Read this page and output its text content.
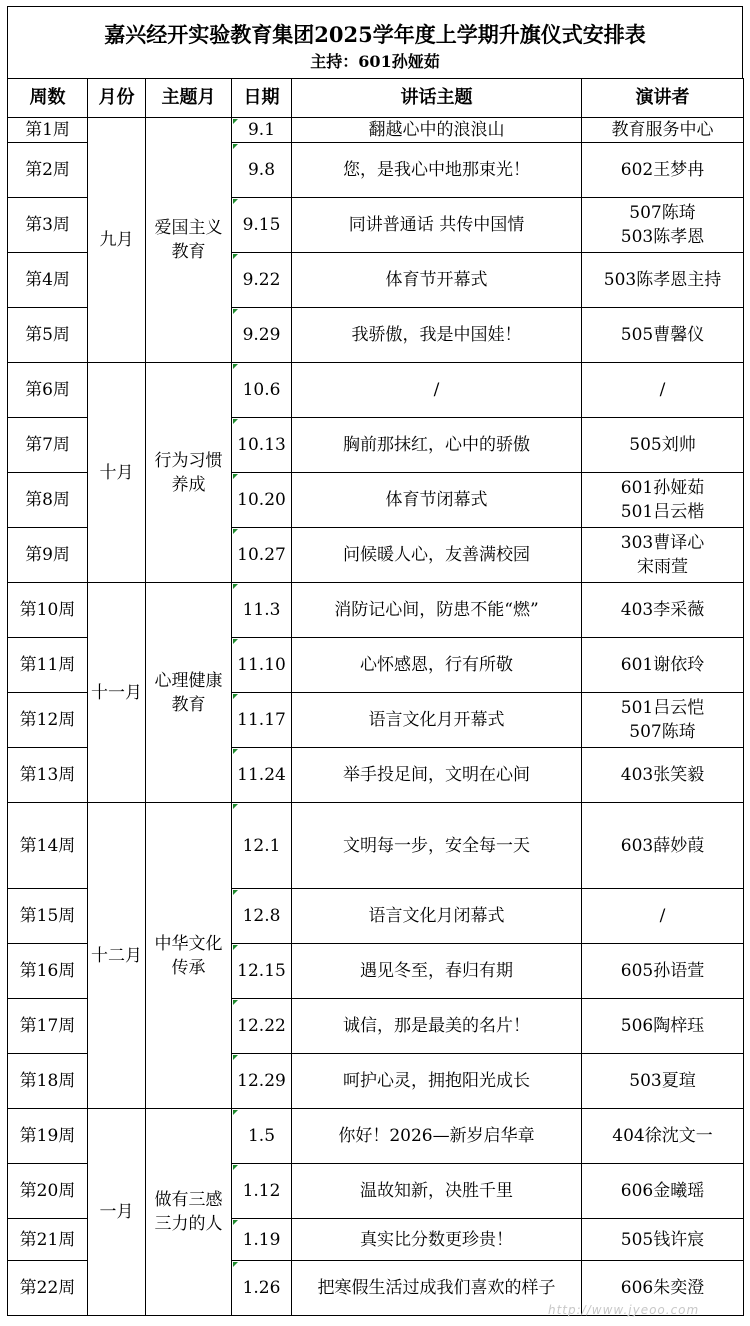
嘉兴经开实验教育集团2025学年度上学期升旗仪式安排表
主持：601孙娅茹
周数	月份	主题月	日期	讲话主题	演讲者
第1周	九月	爱国主义教育	9.1	翻越心中的浪浪山	教育服务中心
第2周			9.8	您，是我心中地那束光！	602王梦冉
第3周			9.15	同讲普通话 共传中国情	507陈琦
503陈孝恩
第4周			9.22	体育节开幕式	503陈孝恩主持
第5周			9.29	我骄傲，我是中国娃！	505曹馨仪
第6周	十月	行为习惯养成	10.6	/	/
第7周			10.13	胸前那抹红，心中的骄傲	505刘帅
第8周			10.20	体育节闭幕式	601孙娅茹
501吕云楷
第9周			10.27	问候暖人心，友善满校园	303曹译心
宋雨萱
第10周	十一月	心理健康教育	11.3	消防记心间，防患不能“燃”	403李采薇
第11周			11.10	心怀感恩，行有所敬	601谢依玲
第12周			11.17	语言文化月开幕式	501吕云恺
507陈琦
第13周			11.24	举手投足间，文明在心间	403张笑毅
第14周	十二月	中华文化传承	12.1	文明每一步，安全每一天	603薛妙葭
第15周			12.8	语言文化月闭幕式	/
第16周			12.15	遇见冬至，春归有期	605孙语萱
第17周			12.22	诚信，那是最美的名片！	506陶梓珏
第18周			12.29	呵护心灵，拥抱阳光成长	503夏瑄
第19周	一月	做有三感三力的人	1.5	你好！2026—新岁启华章	404徐沈文一
第20周			1.12	温故知新，决胜千里	606金曦瑶
第21周			1.19	真实比分数更珍贵！	505钱许宸
第22周			1.26	把寒假生活过成我们喜欢的样子	606朱奕澄
http://www.jyeoo.com
